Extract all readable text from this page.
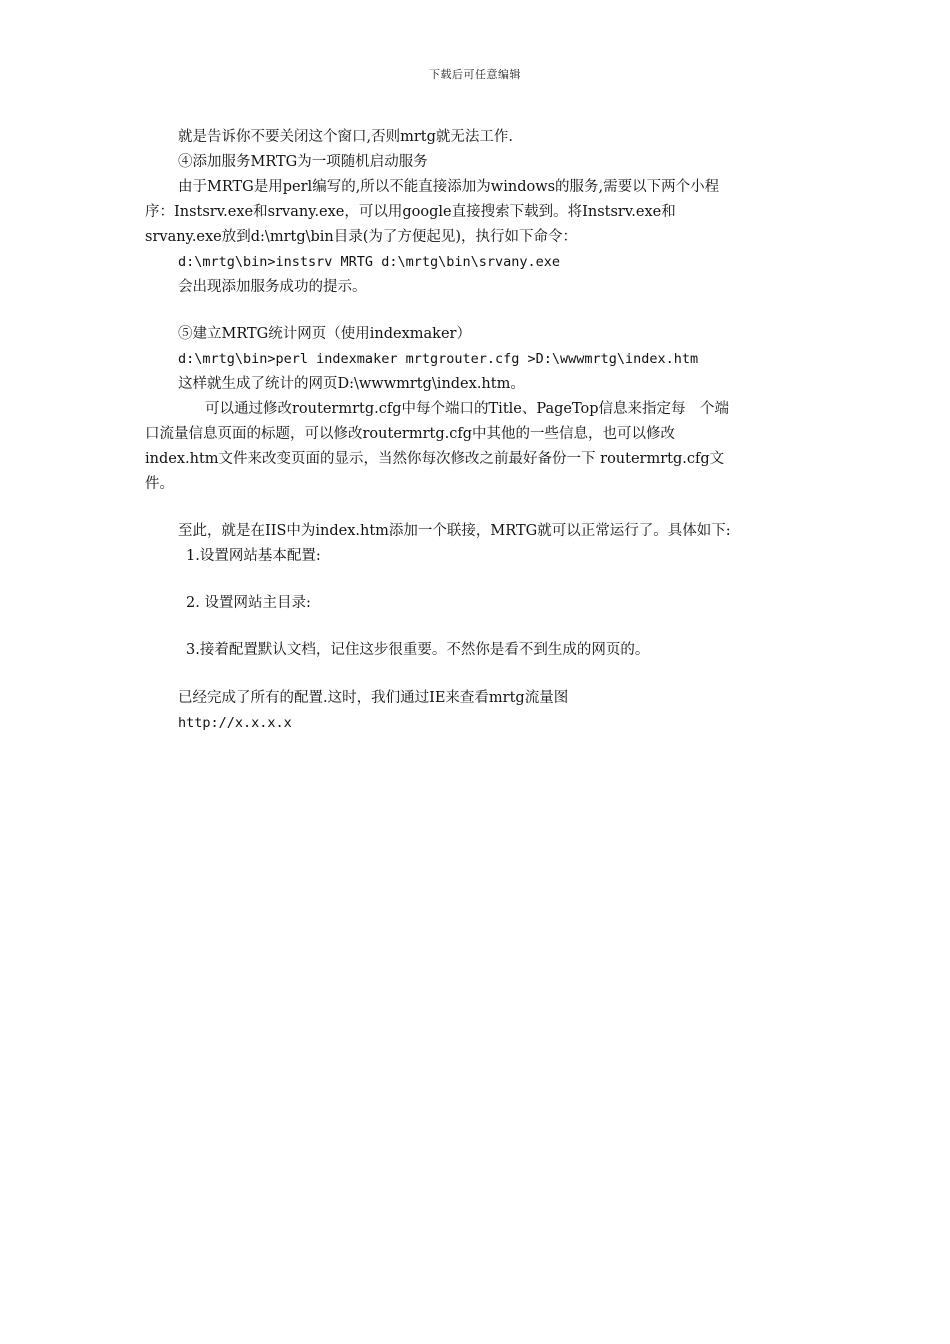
下载后可任意编辑
就是告诉你不要关闭这个窗口,否则mrtg就无法工作.
④添加服务MRTG为一项随机启动服务
由于MRTG是用perl编写的,所以不能直接添加为windows的服务,需要以下两个小程
序：Instsrv.exe和srvany.exe，可以用google直接搜索下载到。将Instsrv.exe和
srvany.exe放到d:\mrtg\bin目录(为了方便起见)，执行如下命令：
d:\mrtg\bin>instsrv MRTG d:\mrtg\bin\srvany.exe
会出现添加服务成功的提示。
⑤建立MRTG统计网页（使用indexmaker）
d:\mrtg\bin>perl indexmaker mrtgrouter.cfg >D:\wwwmrtg\index.htm
这样就生成了统计的网页D:\wwwmrtg\index.htm。
可以通过修改routermrtg.cfg中每个端口的Title、PageTop信息来指定每　个端
口流量信息页面的标题，可以修改routermrtg.cfg中其他的一些信息，也可以修改
index.htm文件来改变页面的显示，当然你每次修改之前最好备份一下 routermrtg.cfg文
件。
至此，就是在IIS中为index.htm添加一个联接，MRTG就可以正常运行了。具体如下:
1.设置网站基本配置:
2. 设置网站主目录:
3.接着配置默认文档，记住这步很重要。不然你是看不到生成的网页的。
已经完成了所有的配置.这时，我们通过IE来查看mrtg流量图
http://x.x.x.x
